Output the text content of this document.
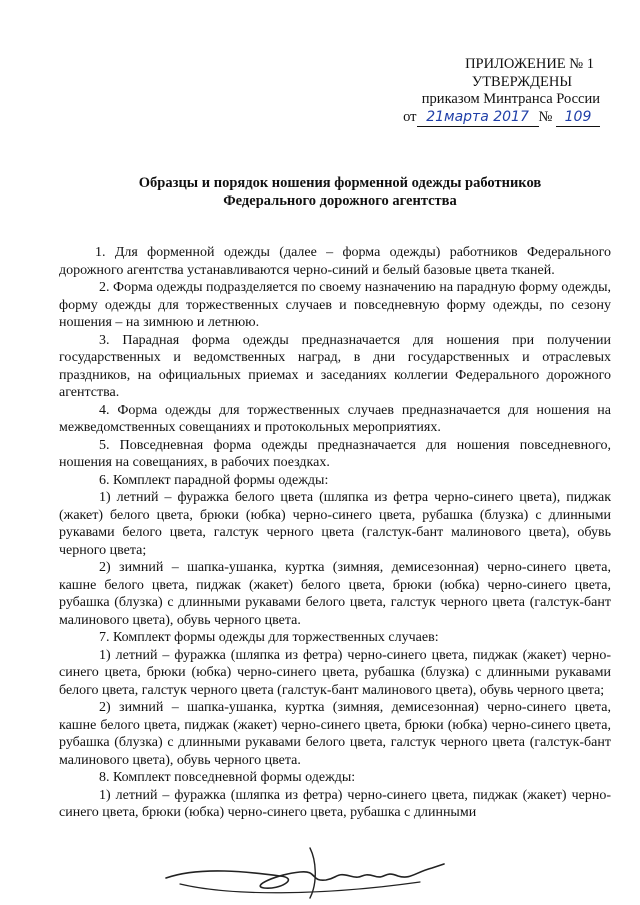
ПРИЛОЖЕНИЕ № 1
УТВЕРЖДЕНЫ
приказом Минтранса России
от 21марта 2017 № 109
Образцы и порядок ношения форменной одежды работников
Федерального дорожного агентства

1. Для форменной одежды (далее – форма одежды) работников Федерального дорожного агентства устанавливаются черно-синий и белый базовые цвета тканей.

2. Форма одежды подразделяется по своему назначению на парадную форму одежды, форму одежды для торжественных случаев и повседневную форму одежды, по сезону ношения – на зимнюю и летнюю.

3. Парадная форма одежды предназначается для ношения при получении государственных и ведомственных наград, в дни государственных и отраслевых праздников, на официальных приемах и заседаниях коллегии Федерального дорожного агентства.

4. Форма одежды для торжественных случаев предназначается для ношения на межведомственных совещаниях и протокольных мероприятиях.

5. Повседневная форма одежды предназначается для ношения повседневного, ношения на совещаниях, в рабочих поездках.

6. Комплект парадной формы одежды:

1) летний – фуражка белого цвета (шляпка из фетра черно-синего цвета), пиджак (жакет) белого цвета, брюки (юбка) черно-синего цвета, рубашка (блузка) с длинными рукавами белого цвета, галстук черного цвета (галстук-бант малинового цвета), обувь черного цвета;

2) зимний – шапка-ушанка, куртка (зимняя, демисезонная) черно-синего цвета, кашне белого цвета, пиджак (жакет) белого цвета, брюки (юбка) черно-синего цвета, рубашка (блузка) с длинными рукавами белого цвета, галстук черного цвета (галстук-бант малинового цвета), обувь черного цвета.

7. Комплект формы одежды для торжественных случаев:

1) летний – фуражка (шляпка из фетра) черно-синего цвета, пиджак (жакет) черно-синего цвета, брюки (юбка) черно-синего цвета, рубашка (блузка) с длинными рукавами белого цвета, галстук черного цвета (галстук-бант малинового цвета), обувь черного цвета;

2) зимний – шапка-ушанка, куртка (зимняя, демисезонная) черно-синего цвета, кашне белого цвета, пиджак (жакет) черно-синего цвета, брюки (юбка) черно-синего цвета, рубашка (блузка) с длинными рукавами белого цвета, галстук черного цвета (галстук-бант малинового цвета), обувь черного цвета.

8. Комплект повседневной формы одежды:

1) летний – фуражка (шляпка из фетра) черно-синего цвета, пиджак (жакет) черно-синего цвета, брюки (юбка) черно-синего цвета, рубашка с длинными
